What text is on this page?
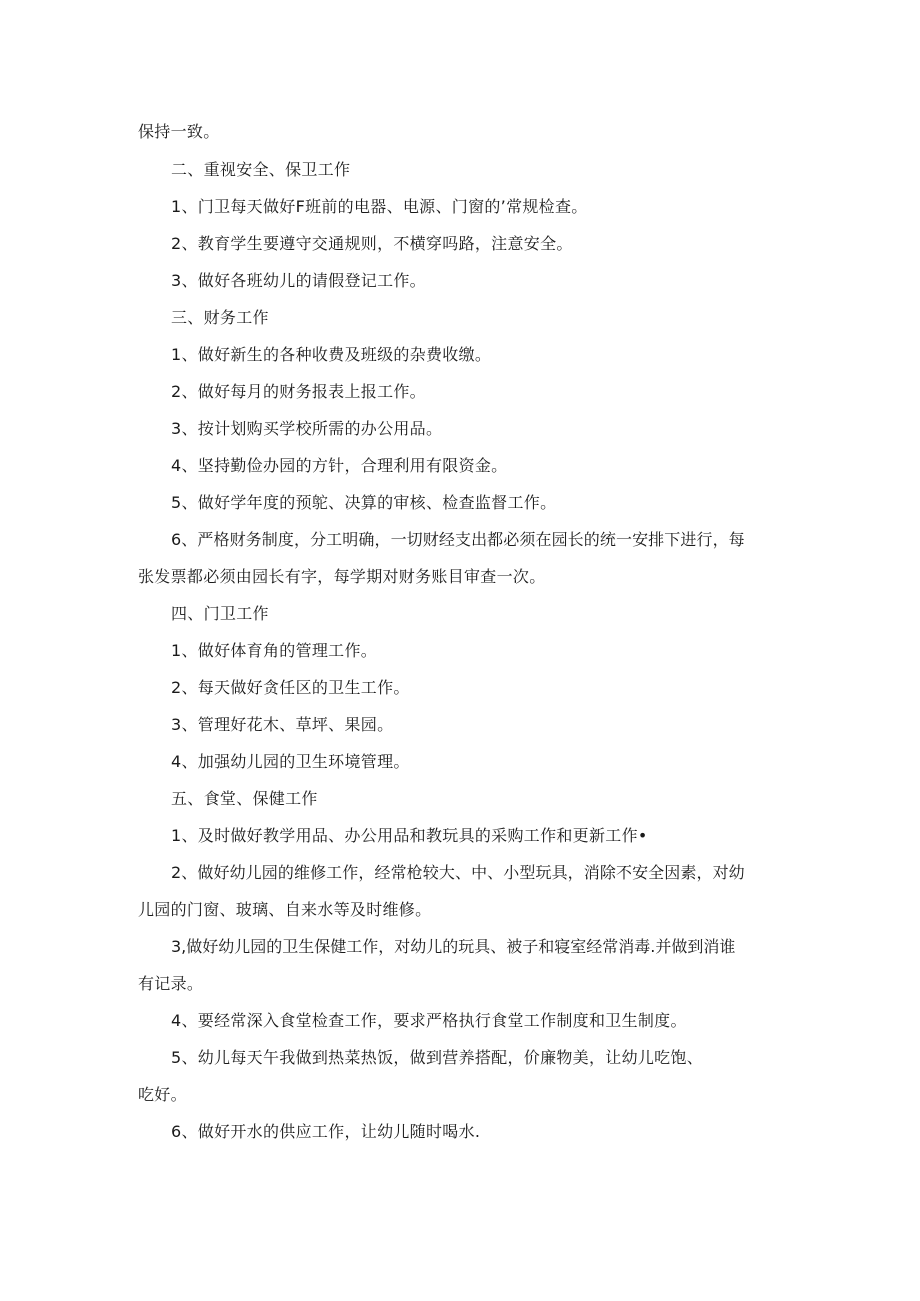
保持一致。
二、重视安全、保卫工作
1、门卫每天做好F班前的电器、电源、门窗的’常规检查。
2、教育学生要遵守交通规则，不横穿吗路，注意安全。
3、做好各班幼儿的请假登记工作。
三、财务工作
1、做好新生的各种收费及班级的杂费收缴。
2、做好每月的财务报表上报工作。
3、按计划购买学校所需的办公用品。
4、坚持勤俭办园的方针，合理利用有限资金。
5、做好学年度的预鸵、决算的审核、检查监督工作。
6、严格财务制度，分工明确，一切财经支出都必须在园长的统一安排下进行，每
张发票都必须由园长有字，每学期对财务账目审查一次。
四、门卫工作
1、做好体育角的管理工作。
2、每天做好贪任区的卫生工作。
3、管理好花木、草坪、果园。
4、加强幼儿园的卫生环境管理。
五、食堂、保健工作
1、及时做好教学用品、办公用品和教玩具的采购工作和更新工作•
2、做好幼儿园的维修工作，经常枪较大、中、小型玩具，消除不安全因素，对幼
儿园的门窗、玻璃、自来水等及时维修。
3,做好幼儿园的卫生保健工作，对幼儿的玩具、被子和寝室经常消毒.并做到消谁
有记录。
4、要经常深入食堂检查工作，要求严格执行食堂工作制度和卫生制度。
5、幼儿每天午我做到热菜热饭，做到营养搭配，价廉物美，让幼儿吃饱、
吃好。
6、做好开水的供应工作，让幼儿随时喝水.
